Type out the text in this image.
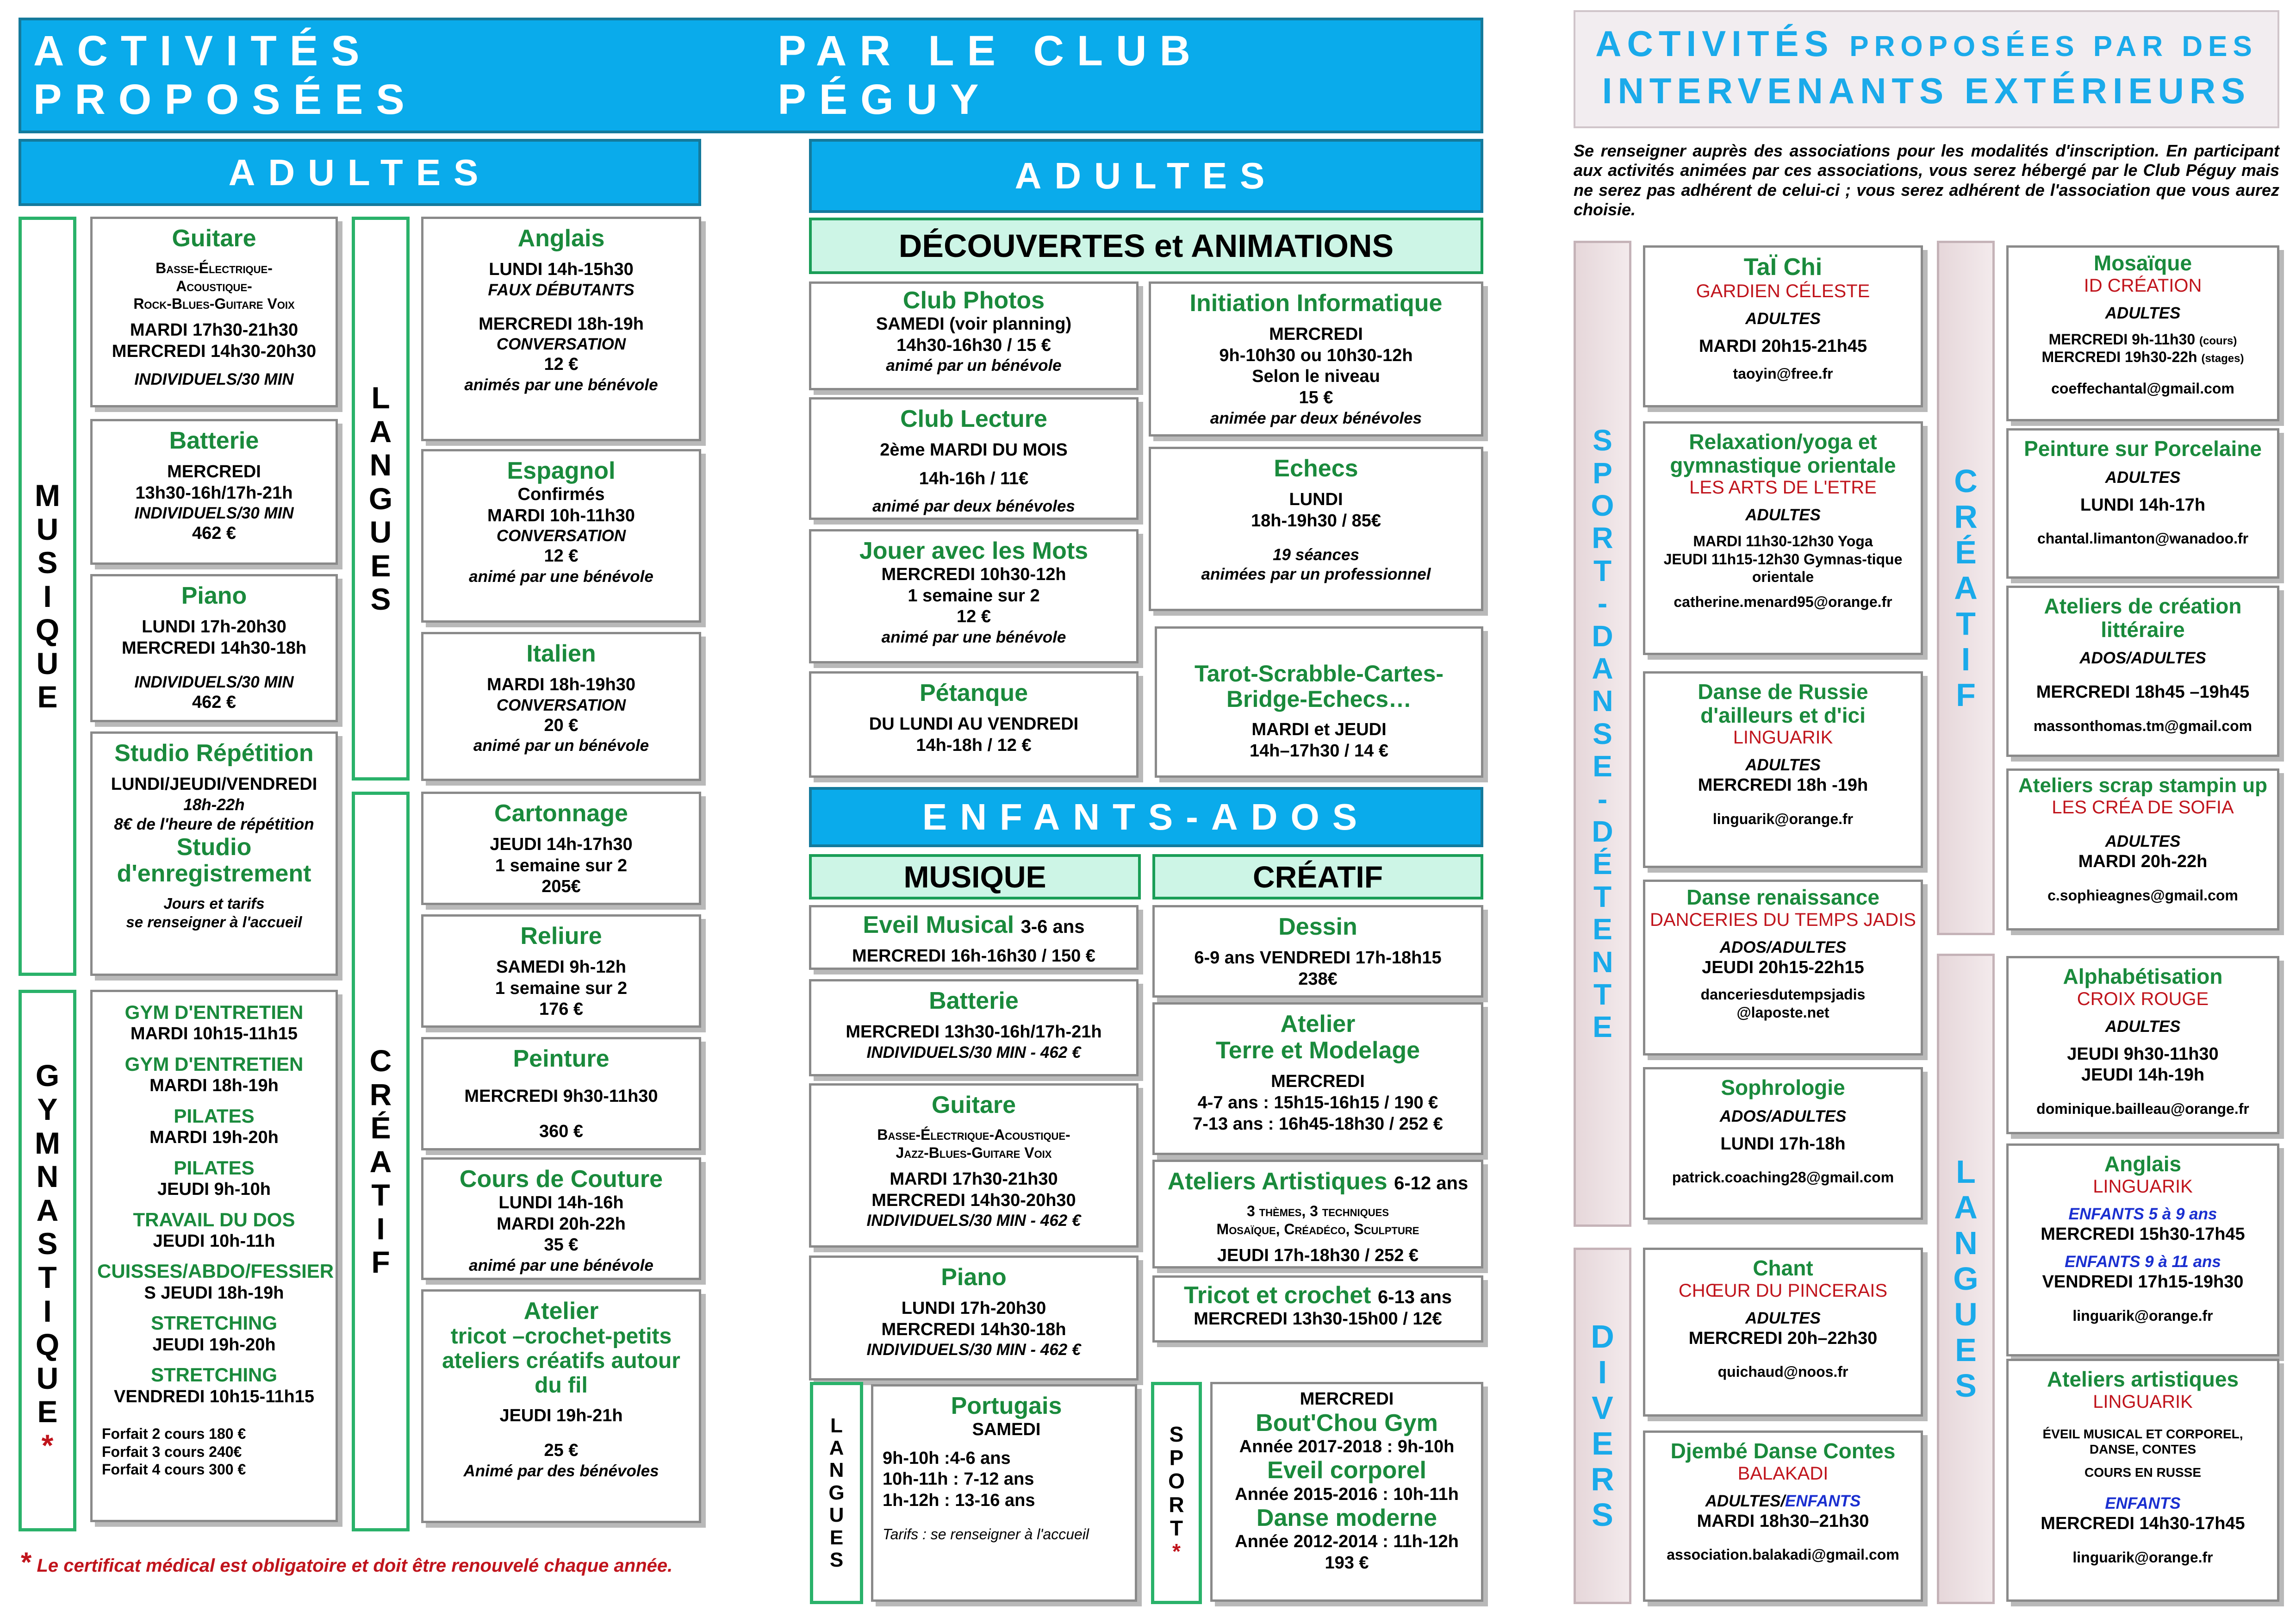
ACTIVITÉS PROPOSÉES
PAR LE CLUB PÉGUY
ADULTES	ADULTES
M
U
S
I
Q
U
E
G
Y
M
N
A
S
T
I
Q
U
E
*
L
A
N
G
U
E
S
C
R
É
A
T
I
F

Guitare

Basse-Électrique-

Acoustique-

Rock-Blues-Guitare Voix

MARDI 17h30-21h30

MERCREDI 14h30-20h30

INDIVIDUELS/30 MIN

Batterie

MERCREDI

13h30-16h/17h-21h

INDIVIDUELS/30 MIN

462 €

Piano

LUNDI 17h-20h30

MERCREDI 14h30-18h

INDIVIDUELS/30 MIN

462 €

Studio Répétition

LUNDI/JEUDI/VENDREDI

18h-22h

8€ de l'heure de répétition

Studio d'enregistrement

Jours et tarifs

se renseigner à l'accueil

GYM D'ENTRETIEN

MARDI 10h15-11h15

GYM D'ENTRETIEN

MARDI 18h-19h

PILATES

MARDI 19h-20h

PILATES

JEUDI 9h-10h

TRAVAIL DU DOS

JEUDI 10h-11h

CUISSES/ABDO/FESSIER

S JEUDI 18h-19h

STRETCHING

JEUDI 19h-20h

STRETCHING

VENDREDI 10h15-11h15

Forfait 2 cours 180 €

Forfait 3 cours 240€

Forfait 4 cours 300 €

* Le certificat médical est obligatoire et doit être renouvelé chaque année.

Anglais

LUNDI 14h-15h30

FAUX DÉBUTANTS

MERCREDI 18h-19h

CONVERSATION

12 €

animés par une bénévole

Espagnol

Confirmés

MARDI 10h-11h30

CONVERSATION

12 €

animé par une bénévole

Italien

MARDI 18h-19h30

CONVERSATION

20 €

animé par un bénévole

Cartonnage

JEUDI 14h-17h30

1 semaine sur 2

205€

Reliure

SAMEDI 9h-12h

1 semaine sur 2

176 €

Peinture

MERCREDI 9h30-11h30

360 €

Cours de Couture

LUNDI 14h-16h

MARDI 20h-22h

35 €

animé par une bénévole

Atelier

tricot –crochet-petits ateliers créatifs autour du fil

JEUDI 19h-21h

25 €

Animé par des bénévoles

DÉCOUVERTES et ANIMATIONS

Club Photos

SAMEDI (voir planning)

14h30-16h30 / 15 €

animé par un bénévole

Club Lecture

2ème MARDI DU MOIS

14h-16h / 11€

animé par deux bénévoles

Jouer avec les Mots

MERCREDI 10h30-12h

1 semaine sur 2

12 €

animé par une bénévole

Pétanque

DU LUNDI AU VENDREDI

14h-18h / 12 €

Initiation Informatique

MERCREDI

9h-10h30 ou 10h30-12h

Selon le niveau

15 €

animée par deux bénévoles

Echecs

LUNDI

18h-19h30 / 85€

19 séances

animées par un professionnel

Tarot-Scrabble-Cartes-Bridge-Echecs…

MARDI et JEUDI

14h–17h30 / 14 €

ENFANTS-ADOS
MUSIQUE	CRÉATIF

Eveil Musical 3-6 ans

MERCREDI 16h-16h30 / 150 €

Batterie

MERCREDI 13h30-16h/17h-21h

INDIVIDUELS/30 MIN - 462 €

Guitare

Basse-Électrique-Acoustique-

Jazz-Blues-Guitare Voix

MARDI 17h30-21h30

MERCREDI 14h30-20h30

INDIVIDUELS/30 MIN - 462 €

Piano

LUNDI 17h-20h30

MERCREDI 14h30-18h

INDIVIDUELS/30 MIN - 462 €

Dessin

6-9 ans VENDREDI 17h-18h15

238€

Atelier

Terre et Modelage

MERCREDI

4-7 ans : 15h15-16h15 / 190 €

7-13 ans : 16h45-18h30 / 252 €

Ateliers Artistiques 6-12 ans

3 thèmes, 3 techniques

Mosaïque, Créadéco, Sculpture

JEUDI 17h-18h30 / 252 €

Tricot et crochet 6-13 ans

MERCREDI 13h30-15h00 / 12€

L
A
N
G
U
E
S

Portugais

SAMEDI

9h-10h :4-6 ans

10h-11h : 7-12 ans

1h-12h : 13-16 ans

Tarifs : se renseigner à l'accueil

S
P
O
R
T
*

MERCREDI

Bout'Chou Gym

Année 2017-2018 : 9h-10h

Eveil corporel

Année 2015-2016 : 10h-11h

Danse moderne

Année 2012-2014 : 11h-12h

193 €

ACTIVITÉS PROPOSÉES PAR DES
INTERVENANTS EXTÉRIEURS
Se renseigner auprès des associations pour les modalités d'inscription. En participant aux activités animées par ces associations, vous serez hébergé par le Club Péguy mais ne serez pas adhérent de celui-ci ; vous serez adhérent de l'association que vous aurez choisie.
S
P
O
R
T
-
D
A
N
S
E
-
D
É
T
E
N
T
E
D
I
V
E
R
S
C
R
É
A
T
I
F
L
A
N
G
U
E
S

TaÏ Chi

GARDIEN CÉLESTE

ADULTES

MARDI 20h15-21h45

taoyin@free.fr

Relaxation/yoga et gymnastique orientale

LES ARTS DE L'ETRE

ADULTES

MARDI 11h30-12h30 Yoga

JEUDI 11h15-12h30 Gymnas-tique orientale

catherine.menard95@orange.fr

Danse de Russie d'ailleurs et d'ici

LINGUARIK

ADULTES

MERCREDI 18h -19h

linguarik@orange.fr

Danse renaissance

DANCERIES DU TEMPS JADIS

ADOS/ADULTES

JEUDI 20h15-22h15

danceriesdutempsjadis

@laposte.net

Sophrologie

ADOS/ADULTES

LUNDI 17h-18h

patrick.coaching28@gmail.com

Chant

CHŒUR DU PINCERAIS

ADULTES

MERCREDI 20h–22h30

quichaud@noos.fr

Djembé Danse Contes

BALAKADI

ADULTES/ENFANTS

MARDI 18h30–21h30

association.balakadi@gmail.com

Mosaïque

ID CRÉATION

ADULTES

MERCREDI 9h-11h30 (cours)

MERCREDI 19h30-22h (stages)

coeffechantal@gmail.com

Peinture sur Porcelaine

ADULTES

LUNDI 14h-17h

chantal.limanton@wanadoo.fr

Ateliers de création littéraire

ADOS/ADULTES

MERCREDI 18h45 –19h45

massonthomas.tm@gmail.com

Ateliers scrap stampin up

LES CRÉA DE SOFIA

ADULTES

MARDI 20h-22h

c.sophieagnes@gmail.com

Alphabétisation

CROIX ROUGE

ADULTES

JEUDI 9h30-11h30

JEUDI 14h-19h

dominique.bailleau@orange.fr

Anglais

LINGUARIK

ENFANTS 5 à 9 ans

MERCREDI 15h30-17h45

ENFANTS 9 à 11 ans

VENDREDI 17h15-19h30

linguarik@orange.fr

Ateliers artistiques

LINGUARIK

ÉVEIL MUSICAL ET CORPOREL,

DANSE, CONTES

COURS EN RUSSE

ENFANTS

MERCREDI 14h30-17h45

linguarik@orange.fr
